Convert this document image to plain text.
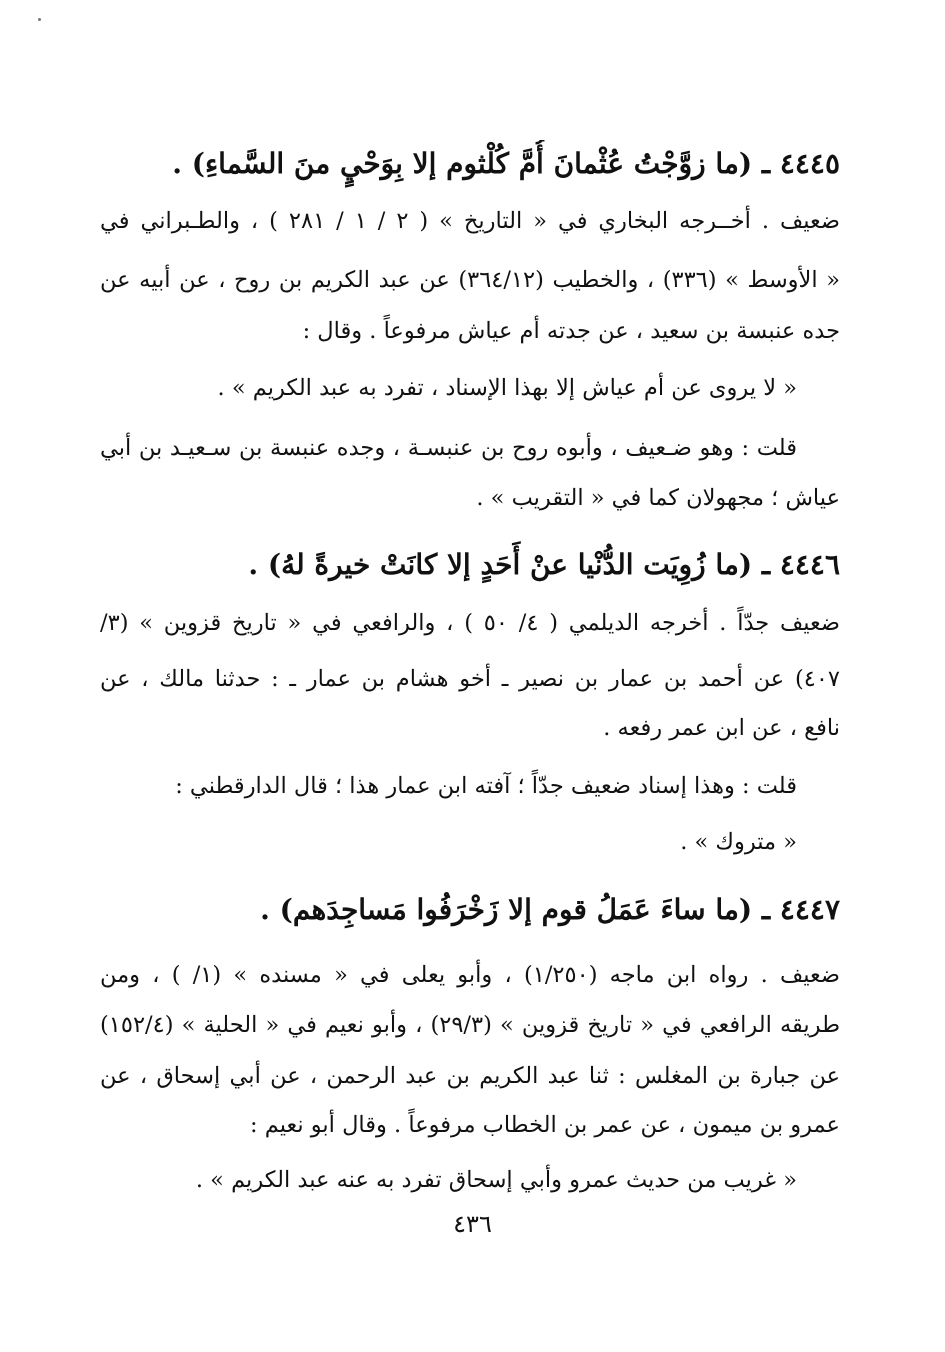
٤٤٤٥ ـ (ما زوَّجْتُ عُثْمانَ أُمَّ كُلْثوم إلا بِوَحْيٍ منَ السَّماءِ) .
ضعيف . أخــرجه البخاري في « التاريخ » ( ٢ / ١ / ٢٨١ ) ، والطـبراني في
« الأوسط » (٣٣٦) ، والخطيب (٣٦٤/١٢) عن عبد الكريم بن روح ، عن أبيه عن
جده عنبسة بن سعيد ، عن جدته أم عياش مرفوعاً . وقال :
« لا يروى عن أم عياش إلا بهذا الإسناد ، تفرد به عبد الكريم » .
قلت : وهو ضـعيف ، وأبوه روح بن عنبسـة ، وجده عنبسة بن سـعيـد بن أبي
عياش ؛ مجهولان كما في « التقريب » .
٤٤٤٦ ـ (ما زُوِيَت الدُّنْيا عنْ أَحَدٍ إلا كانَتْ خيرةً لهُ) .
ضعيف جدّاً . أخرجه الديلمي ( ٤/ ٥٠ ) ، والرافعي في « تاريخ قزوين » (٣/
٤٠٧) عن أحمد بن عمار بن نصير ـ أخو هشام بن عمار ـ : حدثنا مالك ، عن
نافع ، عن ابن عمر رفعه .
قلت : وهذا إسناد ضعيف جدّاً ؛ آفته ابن عمار هذا ؛ قال الدارقطني :
« متروك » .
٤٤٤٧ ـ (ما ساءَ عَمَلُ قوم إلا زَخْرَفُوا مَساجِدَهم) .
ضعيف . رواه ابن ماجه (١/٢٥٠) ، وأبو يعلى في « مسنده » (١/ ) ، ومن
طريقه الرافعي في « تاريخ قزوين » (٢٩/٣) ، وأبو نعيم في « الحلية » (١٥٢/٤)
عن جبارة بن المغلس : ثنا عبد الكريم بن عبد الرحمن ، عن أبي إسحاق ، عن
عمرو بن ميمون ، عن عمر بن الخطاب مرفوعاً . وقال أبو نعيم :
« غريب من حديث عمرو وأبي إسحاق تفرد به عنه عبد الكريم » .
٤٣٦
